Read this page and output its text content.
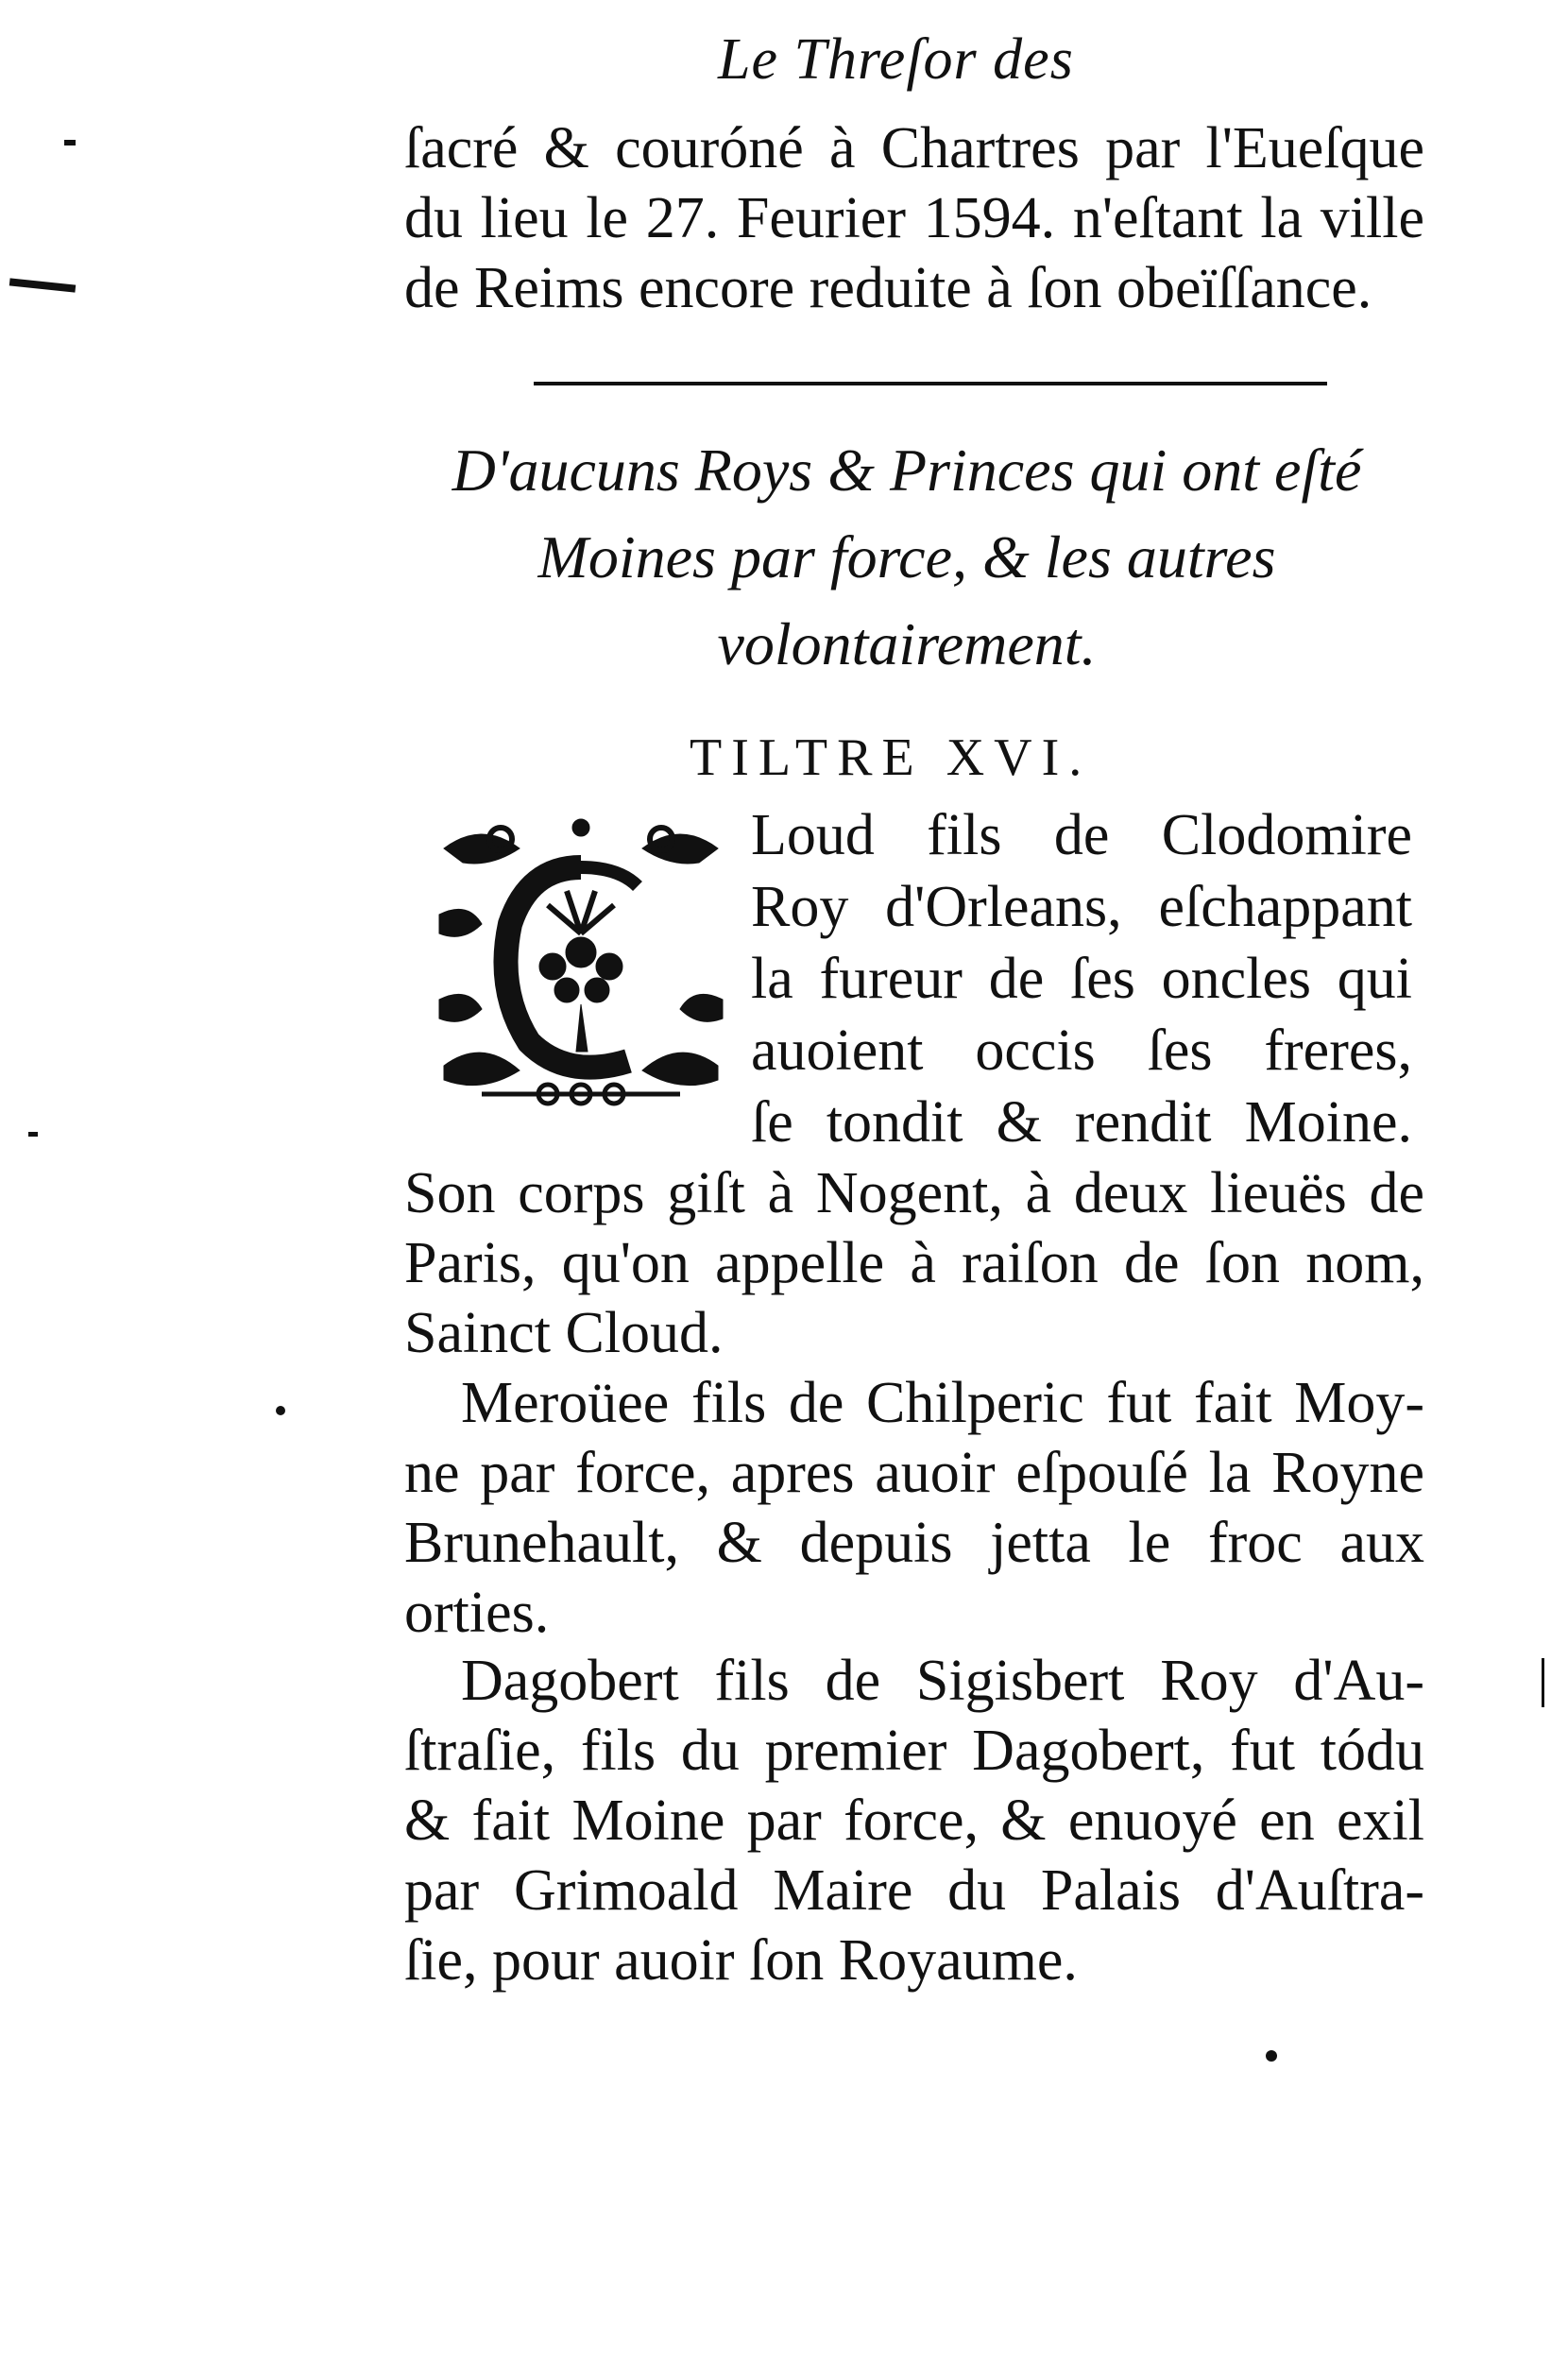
Le Threſor des
ſacré & couróné à Chartres par l'Eueſque
du lieu le 27. Feurier 1594. n'eſtant la ville
de Reims encore reduite à ſon obeïſſance.
D'aucuns Roys & Princes qui ont eſté
Moines par force, & les autres
volontairement.
TILTRE XVI.
Loud fils de Clodomire
Roy d'Orleans, eſchappant
la fureur de ſes oncles qui
auoient occis ſes freres,
ſe tondit & rendit Moine.
Son corps giſt à Nogent, à deux lieuës de
Paris, qu'on appelle à raiſon de ſon nom,
Sainct Cloud.
Meroüee fils de Chilperic fut fait Moy-
ne par force, apres auoir eſpouſé la Royne
Brunehault, & depuis jetta le froc aux
orties.
Dagobert fils de Sigisbert Roy d'Au-
ſtraſie, fils du premier Dagobert, fut tódu
& fait Moine par force, & enuoyé en exil
par Grimoald Maire du Palais d'Auſtra-
ſie, pour auoir ſon Royaume.
